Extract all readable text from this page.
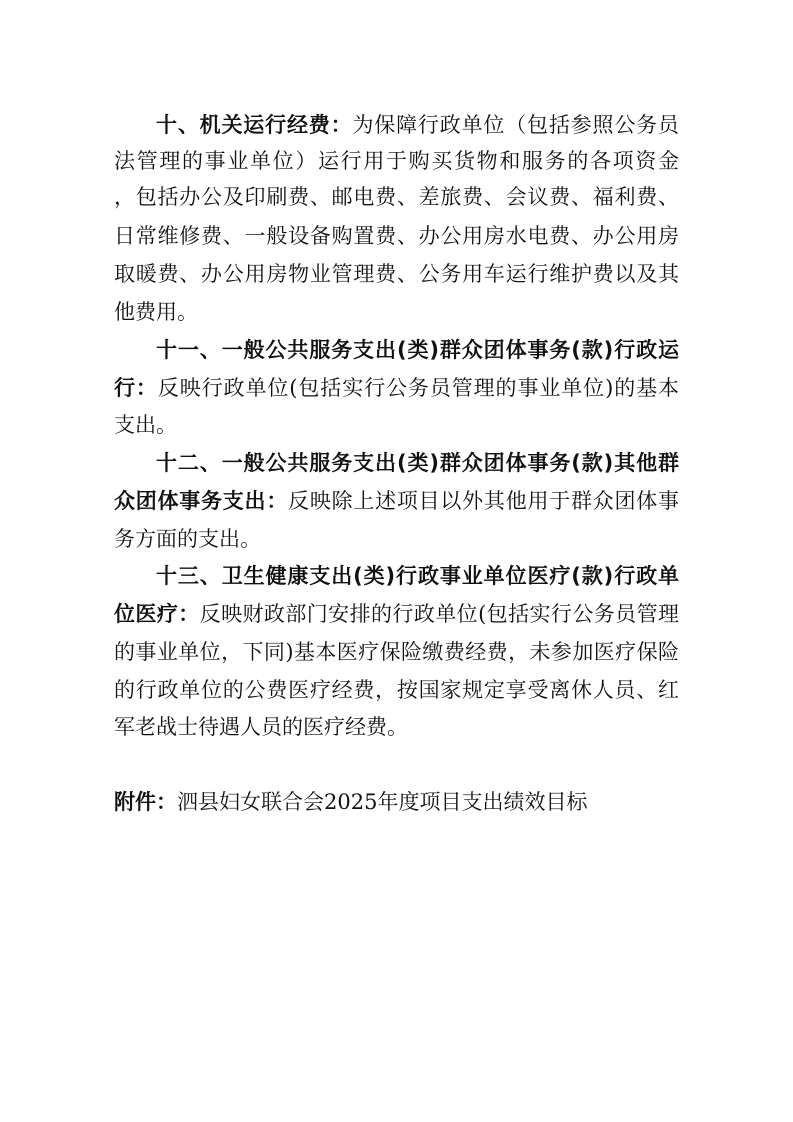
十、机关运行经费：为保障行政单位（包括参照公务员
法管理的事业单位）运行用于购买货物和服务的各项资金
，包括办公及印刷费、邮电费、差旅费、会议费、福利费、
日常维修费、一般设备购置费、办公用房水电费、办公用房
取暖费、办公用房物业管理费、公务用车运行维护费以及其
他费用。
十一、一般公共服务支出(类)群众团体事务(款)行政运
行：反映行政单位(包括实行公务员管理的事业单位)的基本
支出。
十二、一般公共服务支出(类)群众团体事务(款)其他群
众团体事务支出：反映除上述项目以外其他用于群众团体事
务方面的支出。
十三、卫生健康支出(类)行政事业单位医疗(款)行政单
位医疗：反映财政部门安排的行政单位(包括实行公务员管理
的事业单位，下同)基本医疗保险缴费经费，未参加医疗保险
的行政单位的公费医疗经费，按国家规定享受离休人员、红
军老战士待遇人员的医疗经费。
附件：泗县妇女联合会2025年度项目支出绩效目标
